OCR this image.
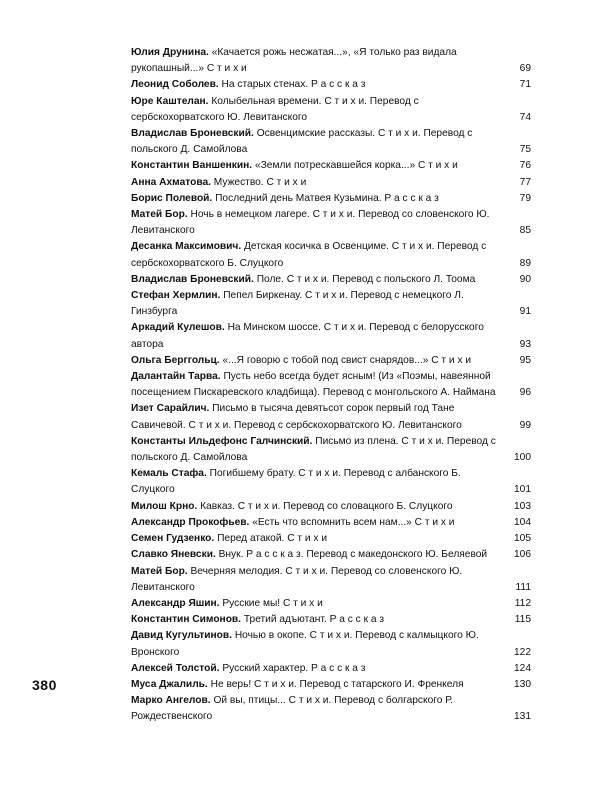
Юлия Друнина. «Качается рожь несжатая...», «Я только раз видала рукопашный...» С т и х и	69
Леонид Соболев. На старых стенах. Р а с с к а з	71
Юре Каштелан. Колыбельная времени. С т и х и. Перевод с сербскохорватского Ю. Левитанского	74
Владислав Броневский. Освенцимские рассказы. С т и х и. Перевод с польского Д. Самойлова	75
Константин Ваншенкин. «Земли потрескавшейся корка...» С т и х и	76
Анна Ахматова. Мужество. С т и х и	77
Борис Полевой. Последний день Матвея Кузьмина. Р а с с к а з	79
Матей Бор. Ночь в немецком лагере. С т и х и. Перевод со словенского Ю. Левитанского	85
Десанка Максимович. Детская косичка в Освенциме. С т и х и. Перевод с сербскохорватского Б. Слуцкого	89
Владислав Броневский. Поле. С т и х и. Перевод с польского Л. Тоома	90
Стефан Хермлин. Пепел Биркенау. С т и х и. Перевод с немецкого Л. Гинзбурга	91
Аркадий Кулешов. На Минском шоссе. С т и х и. Перевод с белорусского автора	93
Ольга Берггольц. «...Я говорю с тобой под свист снарядов...» С т и х и	95
Далантайн Тарва. Пусть небо всегда будет ясным! (Из «Поэмы, навеянной посещением Пискаревского кладбища). Перевод с монгольского А. Наймана	96
Изет Сарайлич. Письмо в тысяча девятьсот сорок первый год Тане Савичевой. С т и х и. Перевод с сербскохорватского Ю. Левитанского	99
Константы Ильдефонс Галчинский. Письмо из плена. С т и х и. Перевод с польского Д. Самойлова	100
Кемаль Стафа. Погибшему брату. С т и х и. Перевод с албанского Б. Слуцкого	101
Милош Крно. Кавказ. С т и х и. Перевод со словацкого Б. Слуцкого	103
Александр Прокофьев. «Есть что вспомнить всем нам...» С т и х и	104
Семен Гудзенко. Перед атакой. С т и х и	105
Славко Яневски. Внук. Р а с с к а з. Перевод с македонского Ю. Беляевой	106
Матей Бор. Вечерняя мелодия. С т и х и. Перевод со словенского Ю. Левитанского	111
Александр Яшин. Русские мы! С т и х и	112
Константин Симонов. Третий адъютант. Р а с с к а з	115
Давид Кугультинов. Ночью в окопе. С т и х и. Перевод с калмыцкого Ю. Вронского	122
Алексей Толстой. Русский характер. Р а с с к а з	124
Муса Джалиль. Не верь! С т и х и. Перевод с татарского И. Френкеля	130
Марко Ангелов. Ой вы, птицы... С т и х и. Перевод с болгарского Р. Рождественского	131
380
